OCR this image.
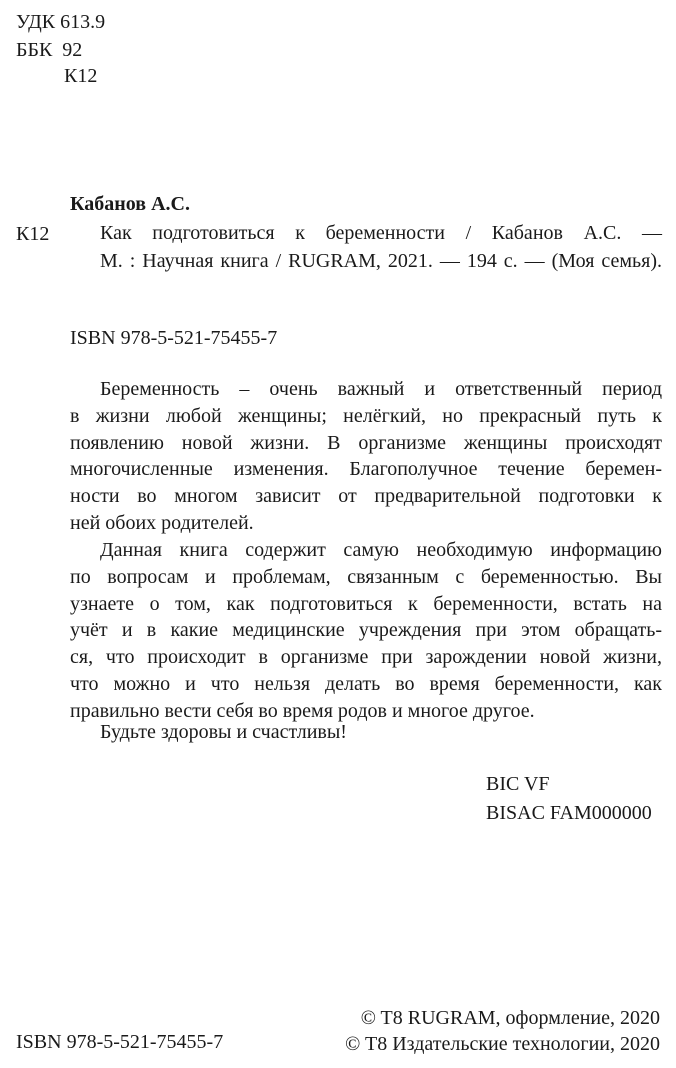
УДК 613.9
ББК  92
К12
Кабанов А.С.
К12	Как подготовиться к беременности / Кабанов А.С. —
М. : Научная книга / RUGRAM, 2021. — 194 с. — (Моя семья).
ISBN 978-5-521-75455-7
Беременность – очень важный и ответственный период
в жизни любой женщины; нелёгкий, но прекрасный путь к
появлению новой жизни. В организме женщины происходят
многочисленные изменения. Благополучное течение беремен-
ности во многом зависит от предварительной подготовки к
ней обоих родителей.
Данная книга содержит самую необходимую информацию
по вопросам и проблемам, связанным с беременностью. Вы
узнаете о том, как подготовиться к беременности, встать на
учёт и в какие медицинские учреждения при этом обращать-
ся, что происходит в организме при зарождении новой жизни,
что можно и что нельзя делать во время беременности, как
правильно вести себя во время родов и многое другое.
Будьте здоровы и счастливы!
BIC VF
BISAC FAM000000
ISBN 978-5-521-75455-7
© T8 RUGRAM, оформление, 2020
© T8 Издательские технологии, 2020
